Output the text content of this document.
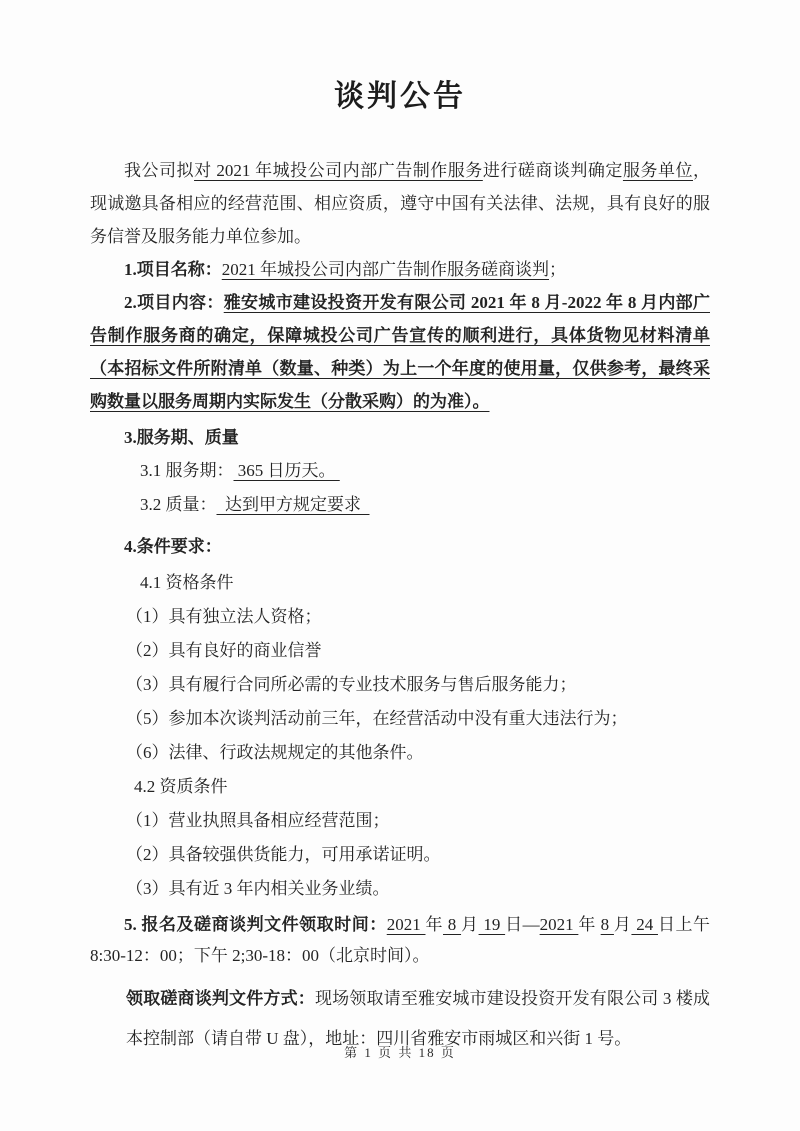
谈判公告

我公司拟对 2021 年城投公司内部广告制作服务进行磋商谈判确定服务单位，现诚邀具备相应的经营范围、相应资质，遵守中国有关法律、法规，具有良好的服务信誉及服务能力单位参加。

1.项目名称：2021 年城投公司内部广告制作服务磋商谈判；

2.项目内容：雅安城市建设投资开发有限公司 2021 年 8 月-2022 年 8 月内部广告制作服务商的确定，保障城投公司广告宣传的顺利进行，具体货物见材料清单（本招标文件所附清单（数量、种类）为上一个年度的使用量，仅供参考，最终采购数量以服务周期内实际发生（分散采购）的为准）。

3.服务期、质量

3.1 服务期： 365 日历天。

3.2 质量：  达到甲方规定要求

4.条件要求：

4.1 资格条件

（1）具有独立法人资格；

（2）具有良好的商业信誉

（3）具有履行合同所必需的专业技术服务与售后服务能力；

（5）参加本次谈判活动前三年，在经营活动中没有重大违法行为；

（6）法律、行政法规规定的其他条件。

4.2 资质条件

（1）营业执照具备相应经营范围；

（2）具备较强供货能力，可用承诺证明。

（3）具有近 3 年内相关业务业绩。

5. 报名及磋商谈判文件领取时间：2021 年 8 月 19 日—2021 年 8 月 24 日上午8:30-12：00；下午 2;30-18：00（北京时间）。

领取磋商谈判文件方式：现场领取请至雅安城市建设投资开发有限公司 3 楼成本控制部（请自带 U 盘），地址：四川省雅安市雨城区和兴街 1 号。

第 1 页 共 18 页
